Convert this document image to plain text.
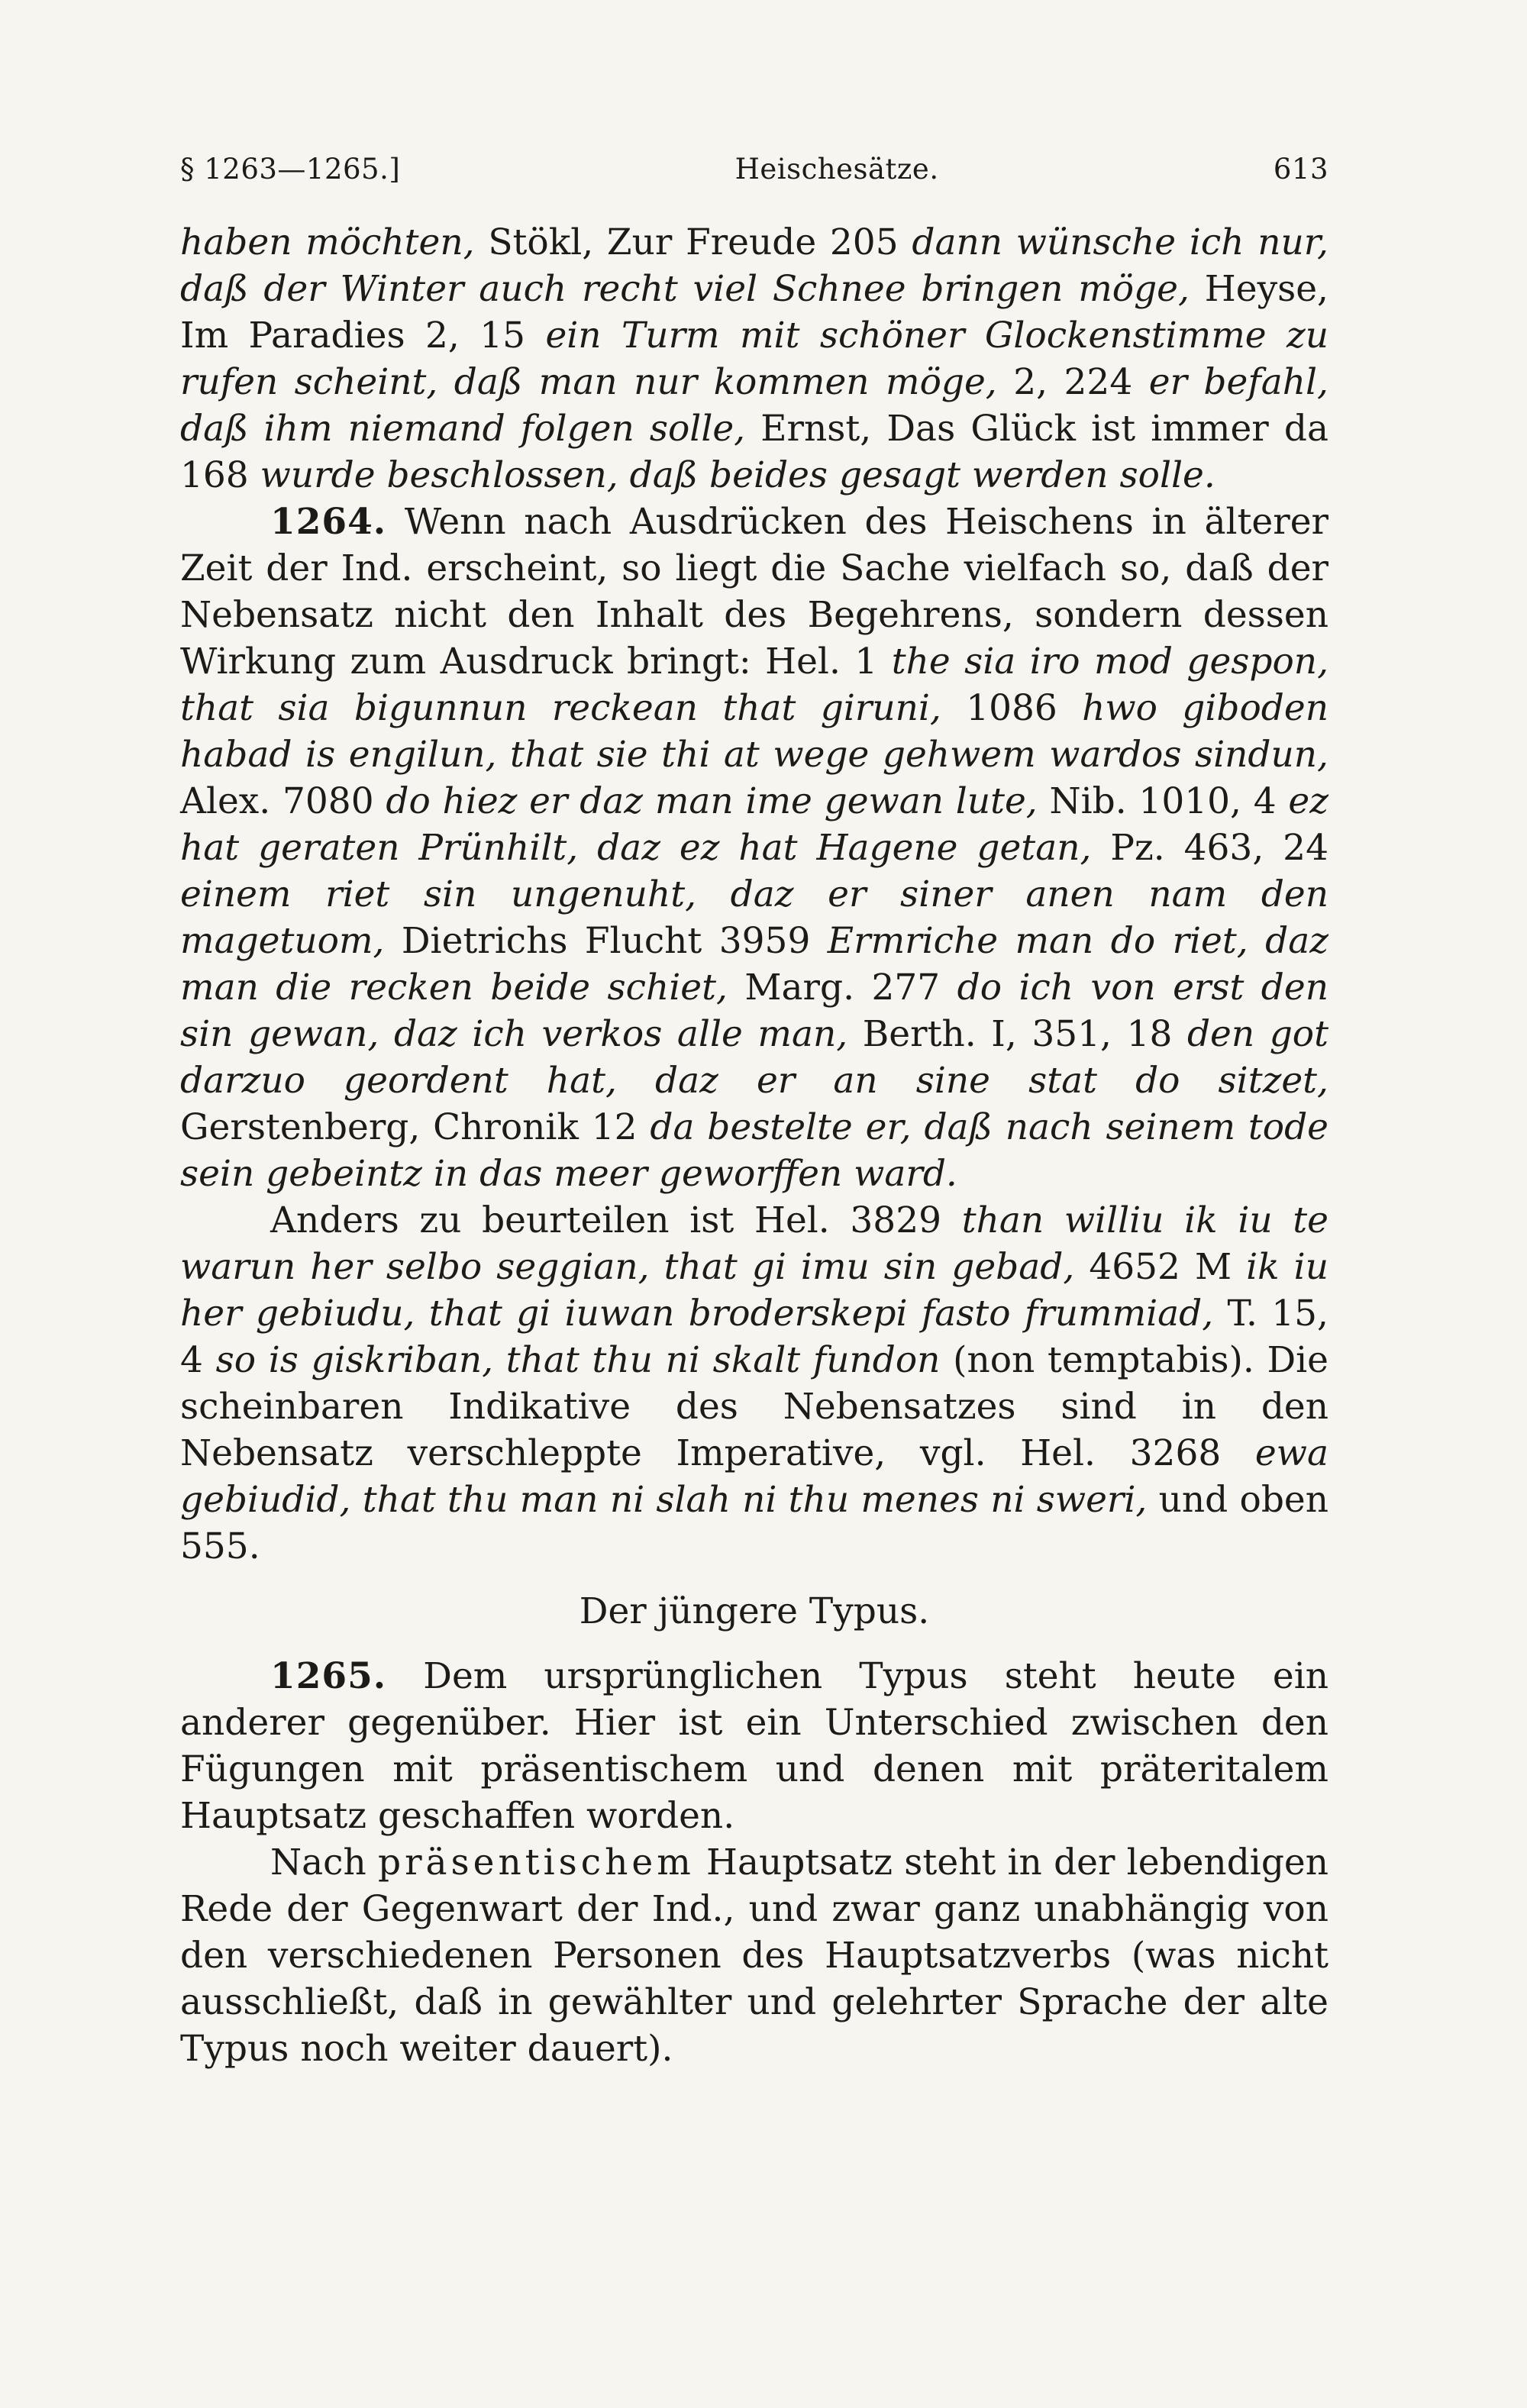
§ 1263—1265.]	Heischesätze.	613

haben möchten, Stökl, Zur Freude 205 dann wünsche ich nur, daß der Winter auch recht viel Schnee bringen möge, Heyse, Im Paradies 2, 15 ein Turm mit schöner Glockenstimme zu rufen scheint, daß man nur kommen möge, 2, 224 er befahl, daß ihm niemand folgen solle, Ernst, Das Glück ist immer da 168 wurde beschlossen, daß beides gesagt werden solle.

1264. Wenn nach Ausdrücken des Heischens in älterer Zeit der Ind. erscheint, so liegt die Sache vielfach so, daß der Nebensatz nicht den Inhalt des Begehrens, sondern dessen Wirkung zum Ausdruck bringt: Hel. 1 the sia iro mod gespon, that sia bigunnun reckean that giruni, 1086 hwo giboden habad is engilun, that sie thi at wege gehwem wardos sindun, Alex. 7080 do hiez er daz man ime gewan lute, Nib. 1010, 4 ez hat geraten Prünhilt, daz ez hat Hagene getan, Pz. 463, 24 einem riet sin ungenuht, daz er siner anen nam den magetuom, Dietrichs Flucht 3959 Ermriche man do riet, daz man die recken beide schiet, Marg. 277 do ich von erst den sin gewan, daz ich verkos alle man, Berth. I, 351, 18 den got darzuo geordent hat, daz er an sine stat do sitzet, Gerstenberg, Chronik 12 da bestelte er, daß nach seinem tode sein gebeintz in das meer geworffen ward.

Anders zu beurteilen ist Hel. 3829 than williu ik iu te warun her selbo seggian, that gi imu sin gebad, 4652 M ik iu her gebiudu, that gi iuwan broderskepi fasto frummiad, T. 15, 4 so is giskriban, that thu ni skalt fundon (non temptabis). Die scheinbaren Indikative des Nebensatzes sind in den Nebensatz verschleppte Imperative, vgl. Hel. 3268 ewa gebiudid, that thu man ni slah ni thu menes ni sweri, und oben 555.

Der jüngere Typus.

1265. Dem ursprünglichen Typus steht heute ein anderer gegenüber. Hier ist ein Unterschied zwischen den Fügungen mit präsentischem und denen mit präteritalem Hauptsatz geschaffen worden.

Nach präsentischem Hauptsatz steht in der lebendigen Rede der Gegenwart der Ind., und zwar ganz unabhängig von den verschiedenen Personen des Hauptsatzverbs (was nicht ausschließt, daß in gewählter und gelehrter Sprache der alte Typus noch weiter dauert).
